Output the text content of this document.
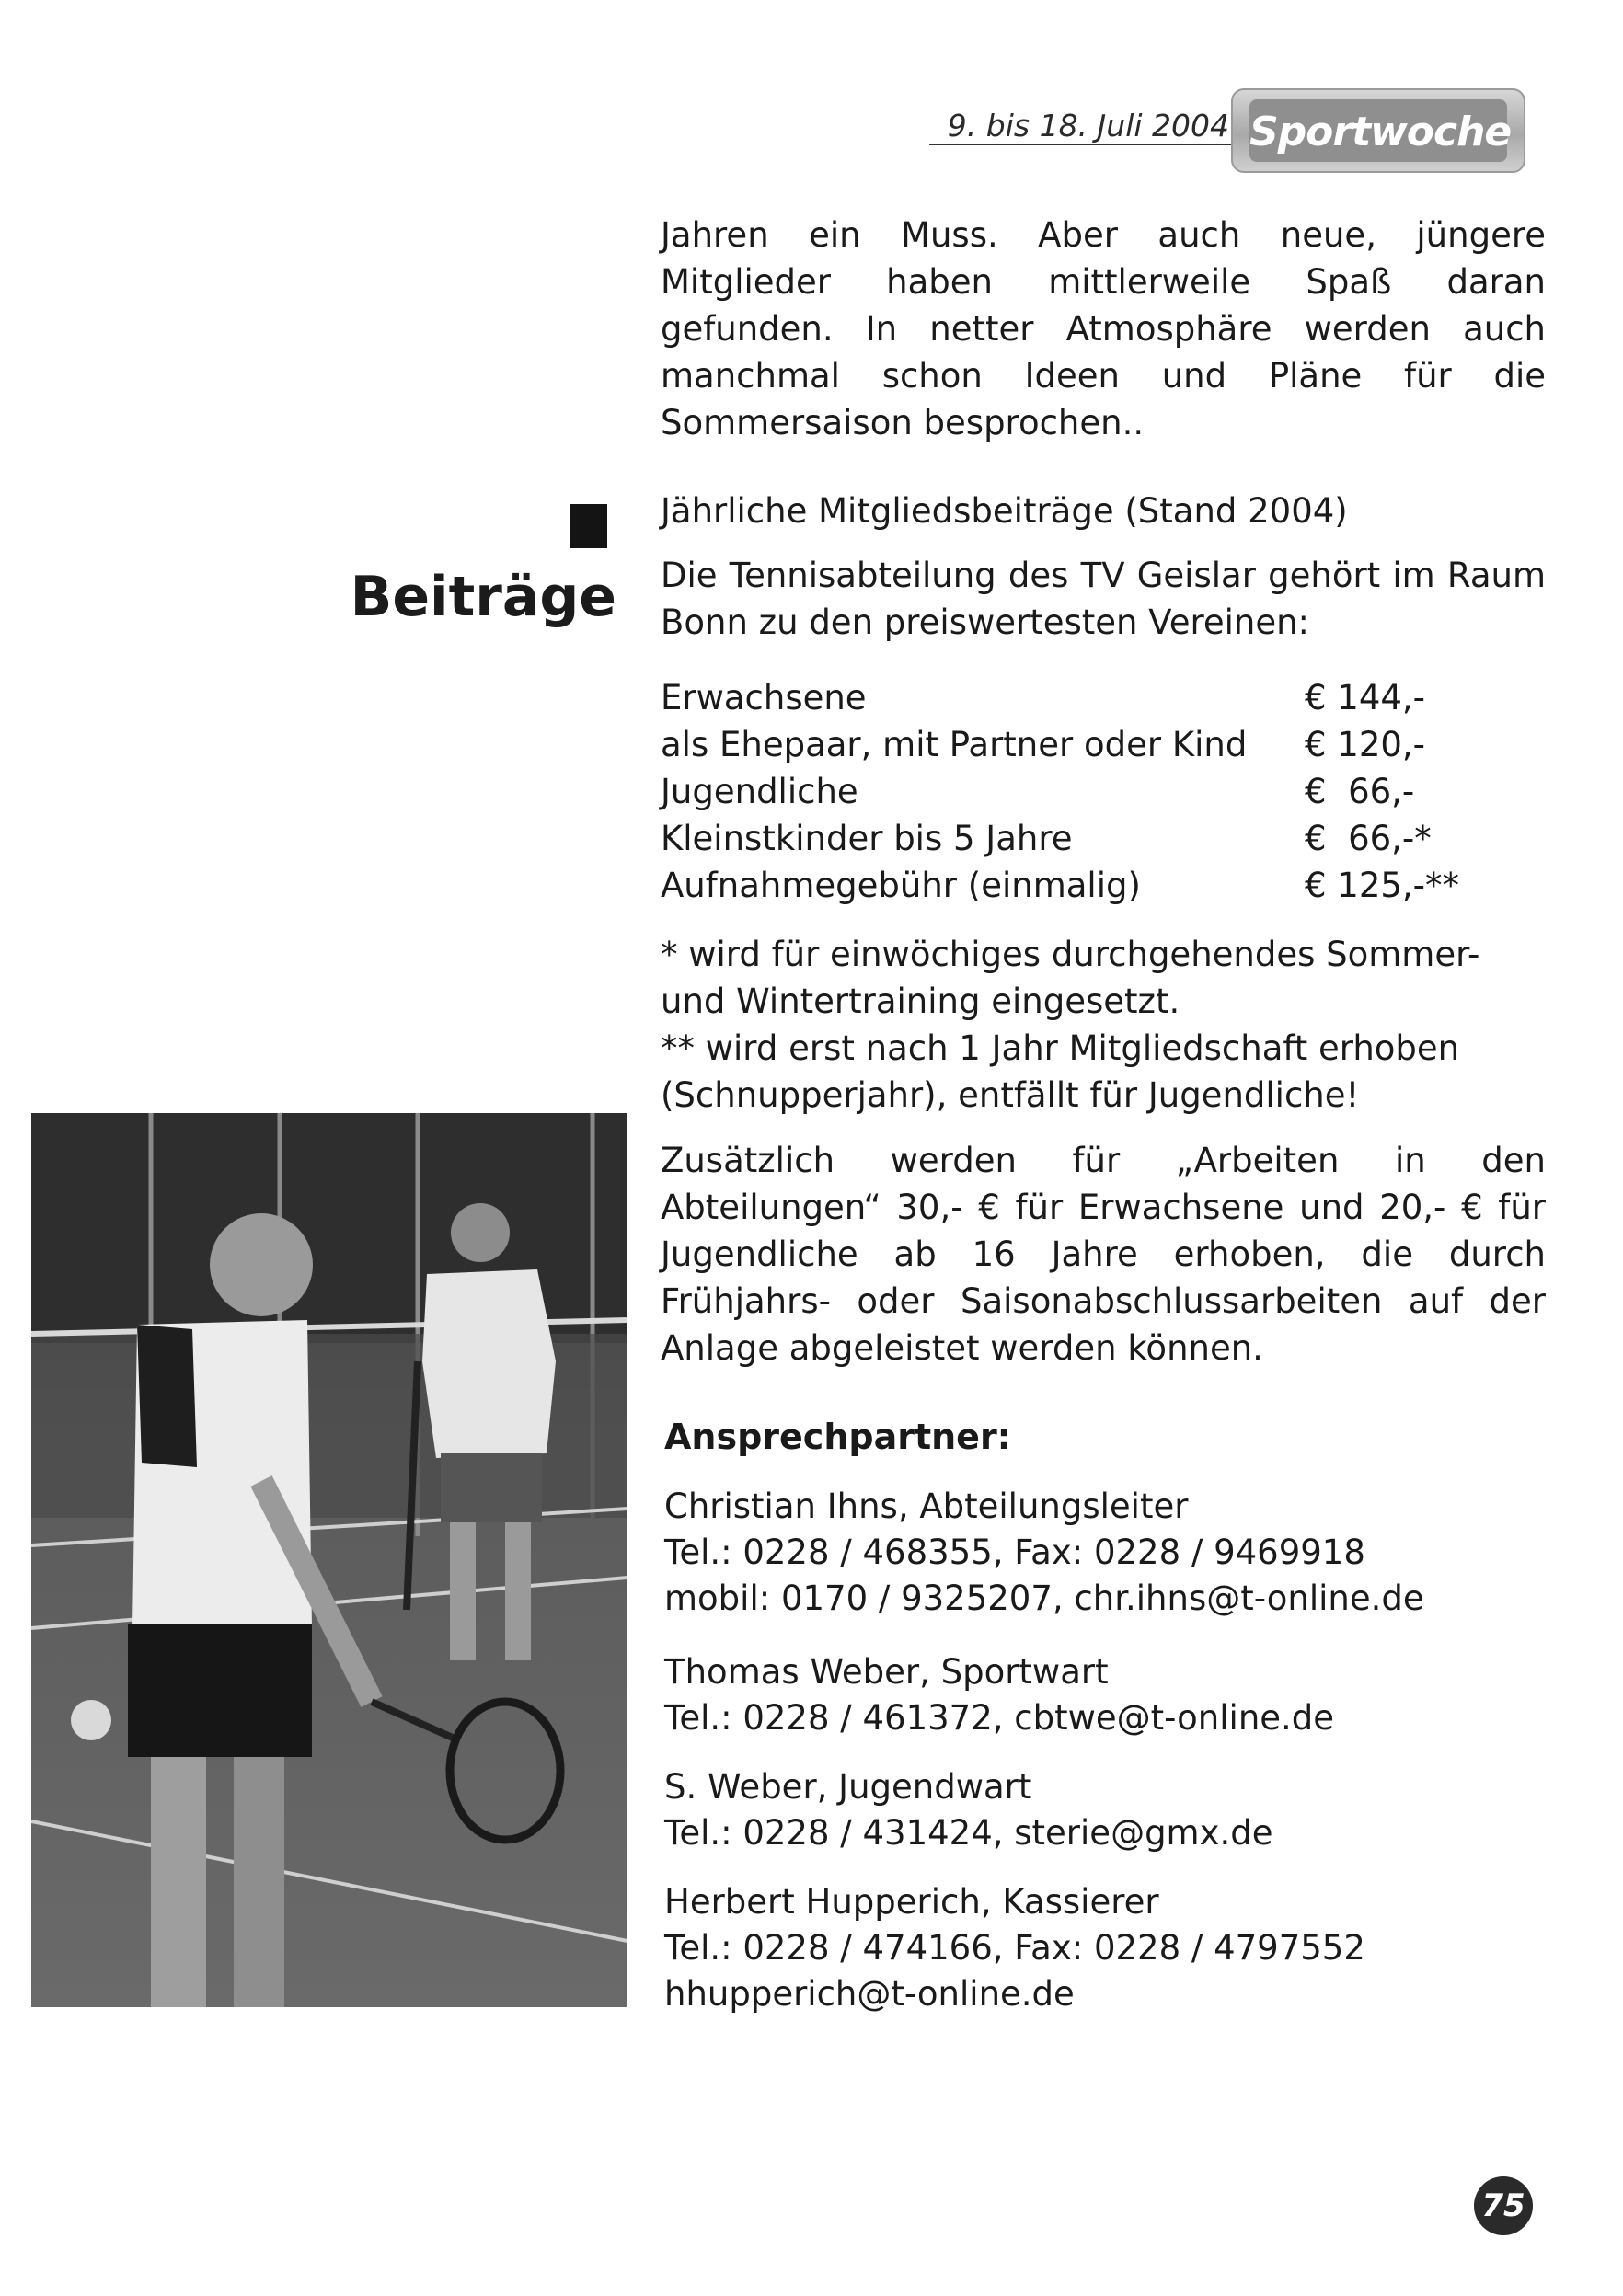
9. bis 18. Juli 2004 Sportwoche

Jahren ein Muss. Aber auch neue, jüngere Mitglieder haben mittlerweile Spaß daran gefunden. In netter Atmosphäre werden auch manchmal schon Ideen und Pläne für die Sommersaison besprochen..

Beiträge

Jährliche Mitgliedsbeiträge (Stand 2004)

Die Tennisabteilung des TV Geislar gehört im Raum Bonn zu den preiswertesten Vereinen:

Erwachsene	€ 144,-
als Ehepaar, mit Partner oder Kind	€ 120,-
Jugendliche	€  66,-
Kleinstkinder bis 5 Jahre	€  66,-*
Aufnahmegebühr (einmalig)	€ 125,-**

* wird für einwöchiges durchgehendes Sommer- und Wintertraining eingesetzt.

** wird erst nach 1 Jahr Mitgliedschaft erhoben (Schnupperjahr), entfällt für Jugendliche!

Zusätzlich werden für „Arbeiten in den Abteilungen“ 30,- € für Erwachsene und 20,- € für Jugendliche ab 16 Jahre erhoben, die durch Frühjahrs- oder Saisonabschlussarbeiten auf der Anlage abgeleistet werden können.

Ansprechpartner:
Christian Ihns, Abteilungsleiter
Tel.: 0228 / 468355, Fax: 0228 / 9469918
mobil: 0170 / 9325207, chr.ihns@t-online.de
Thomas Weber, Sportwart
Tel.: 0228 / 461372, cbtwe@t-online.de
S. Weber, Jugendwart
Tel.: 0228 / 431424, sterie@gmx.de
Herbert Hupperich, Kassierer
Tel.: 0228 / 474166, Fax: 0228 / 4797552
hhupperich@t-online.de
75
